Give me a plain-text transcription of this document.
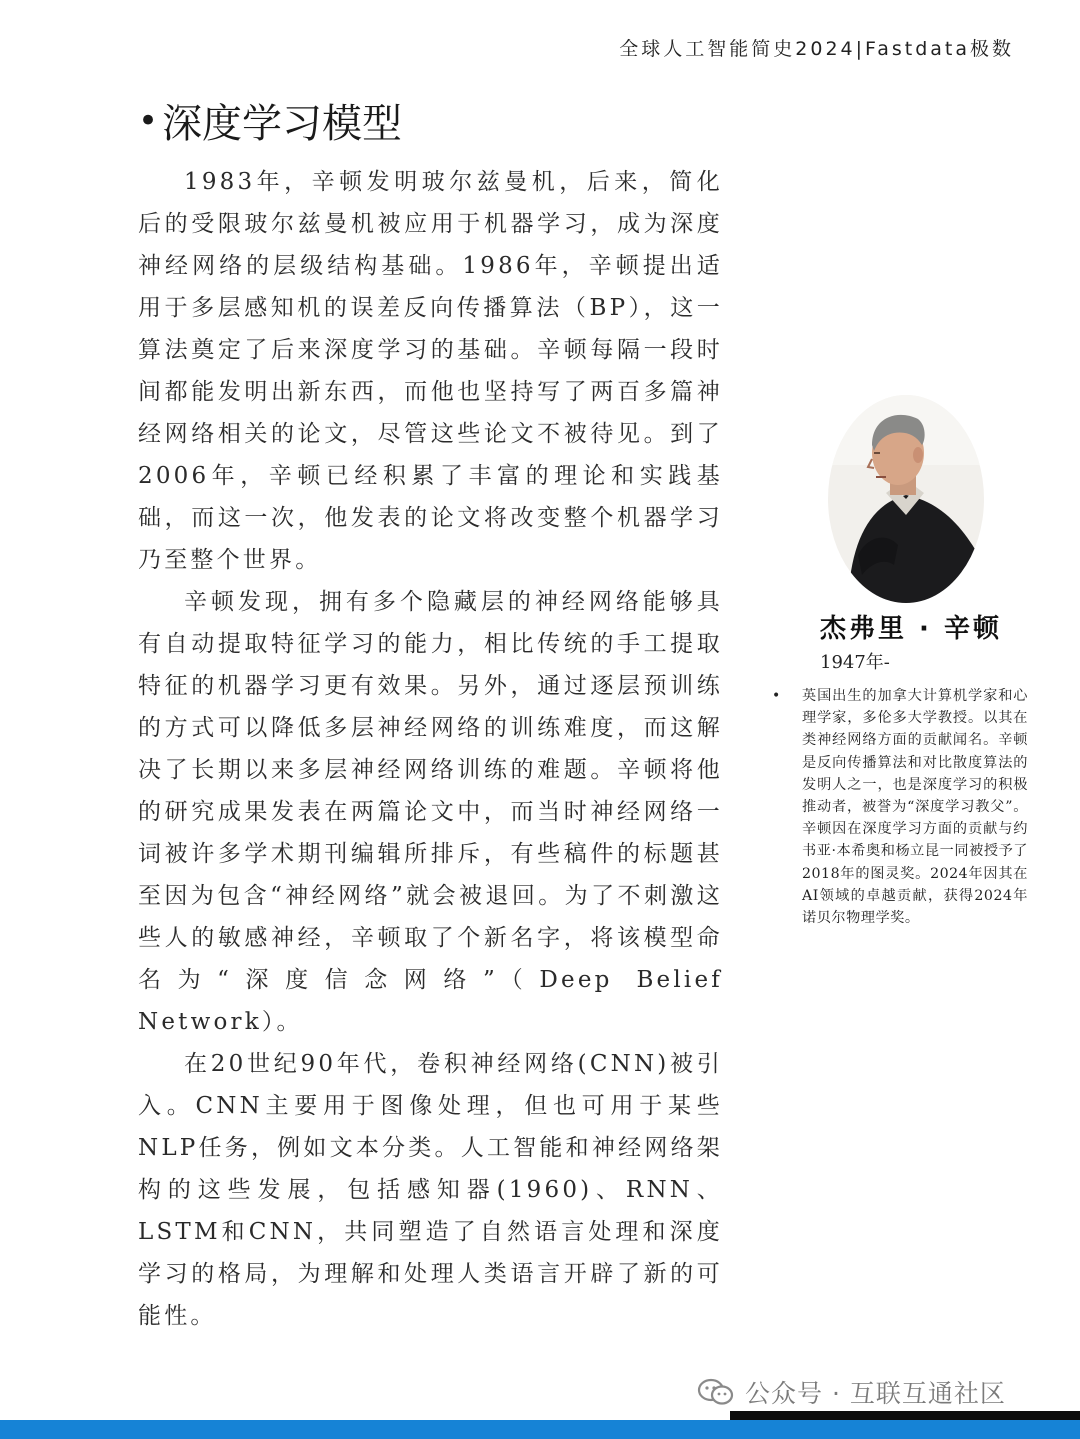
全球人工智能简史2024|Fastdata极数
• 深度学习模型

1983年，辛顿发明玻尔兹曼机，后来，简化后的受限玻尔兹曼机被应用于机器学习，成为深度神经网络的层级结构基础。1986年，辛顿提出适用于多层感知机的误差反向传播算法（BP），这一算法奠定了后来深度学习的基础。辛顿每隔一段时间都能发明出新东西，而他也坚持写了两百多篇神经网络相关的论文，尽管这些论文不被待见。到了2006年，辛顿已经积累了丰富的理论和实践基础，而这一次，他发表的论文将改变整个机器学习乃至整个世界。

辛顿发现，拥有多个隐藏层的神经网络能够具有自动提取特征学习的能力，相比传统的手工提取特征的机器学习更有效果。另外，通过逐层预训练的方式可以降低多层神经网络的训练难度，而这解决了长期以来多层神经网络训练的难题。辛顿将他的研究成果发表在两篇论文中，而当时神经网络一词被许多学术期刊编辑所排斥，有些稿件的标题甚至因为包含“神经网络”就会被退回。为了不刺激这些人的敏感神经，辛顿取了个新名字，将该模型命名为“深度信念网络”（Deep Belief Network）。

在20世纪90年代，卷积神经网络(CNN)被引入。CNN主要用于图像处理，但也可用于某些NLP任务，例如文本分类。人工智能和神经网络架构的这些发展，包括感知器(1960)、RNN、LSTM和CNN，共同塑造了自然语言处理和深度学习的格局，为理解和处理人类语言开辟了新的可能性。

杰弗里 · 辛顿
1947年-
•	英国出生的加拿大计算机学家和心理学家，多伦多大学教授。以其在类神经网络方面的贡献闻名。辛顿是反向传播算法和对比散度算法的发明人之一，也是深度学习的积极推动者，被誉为“深度学习教父”。辛顿因在深度学习方面的贡献与约书亚·本希奥和杨立昆一同被授予了2018年的图灵奖。2024年因其在AI领域的卓越贡献，获得2024年诺贝尔物理学奖。
公众号 · 互联互通社区
